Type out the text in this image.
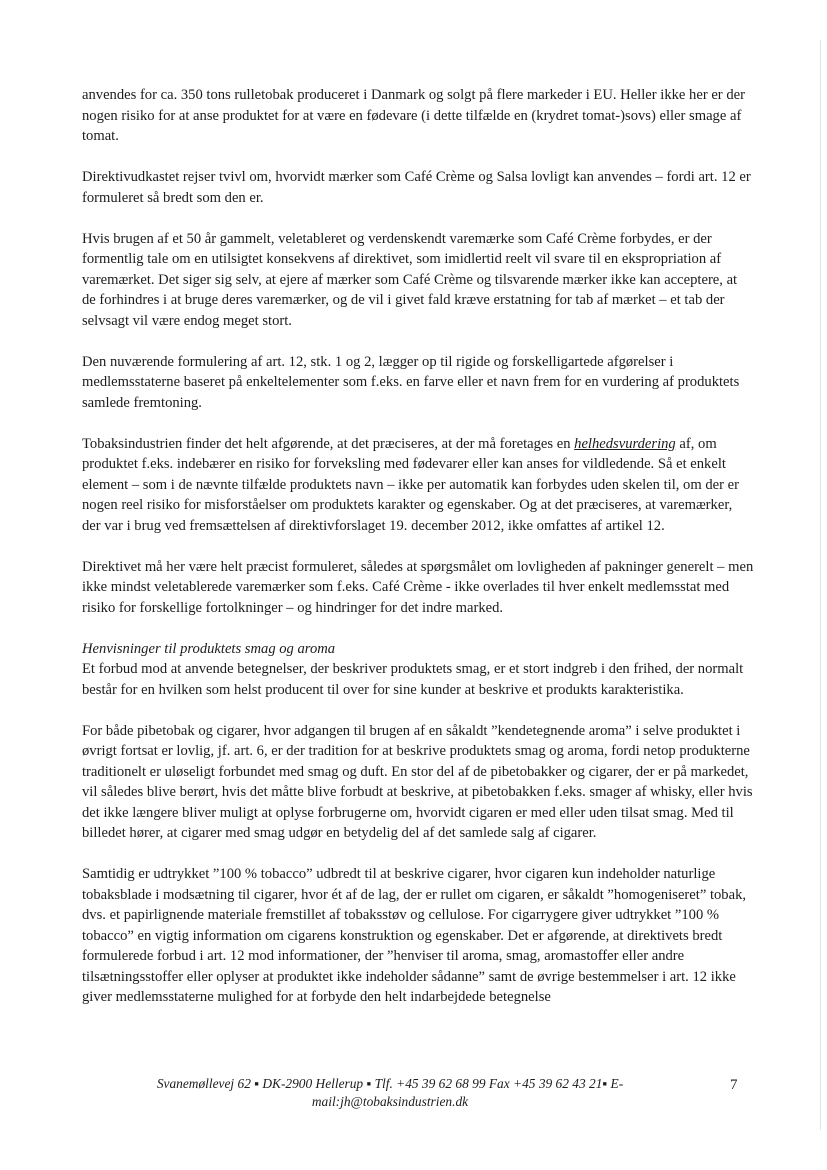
anvendes for ca. 350 tons rulletobak produceret i Danmark og solgt på flere markeder i EU. Heller ikke her er der nogen risiko for at anse produktet for at være en fødevare (i dette tilfælde en (krydret tomat-)sovs) eller smage af tomat.

Direktivudkastet rejser tvivl om, hvorvidt mærker som Café Crème og Salsa lovligt kan anvendes – fordi art. 12 er formuleret så bredt som den er.

Hvis brugen af et 50 år gammelt, veletableret og verdenskendt varemærke som Café Crème forbydes, er der formentlig tale om en utilsigtet konsekvens af direktivet, som imidlertid reelt vil svare til en ekspropriation af varemærket. Det siger sig selv, at ejere af mærker som Café Crème og tilsvarende mærker ikke kan acceptere, at de forhindres i at bruge deres varemærker, og de vil i givet fald kræve erstatning for tab af mærket – et tab der selvsagt vil være endog meget stort.

Den nuværende formulering af art. 12, stk. 1 og 2, lægger op til rigide og forskelligartede afgørelser i medlemsstaterne baseret på enkeltelementer som f.eks. en farve eller et navn frem for en vurdering af produktets samlede fremtoning.

Tobaksindustrien finder det helt afgørende, at det præciseres, at der må foretages en helhedsvurdering af, om produktet f.eks. indebærer en risiko for forveksling med fødevarer eller kan anses for vildledende. Så et enkelt element – som i de nævnte tilfælde produktets navn – ikke per automatik kan forbydes uden skelen til, om der er nogen reel risiko for misforståelser om produktets karakter og egenskaber. Og at det præciseres, at varemærker, der var i brug ved fremsættelsen af direktivforslaget 19. december 2012, ikke omfattes af artikel 12.

Direktivet må her være helt præcist formuleret, således at spørgsmålet om lovligheden af pakninger generelt – men ikke mindst veletablerede varemærker som f.eks. Café Crème - ikke overlades til hver enkelt medlemsstat med risiko for forskellige fortolkninger – og hindringer for det indre marked.

Henvisninger til produktets smag og aroma

Et forbud mod at anvende betegnelser, der beskriver produktets smag, er et stort indgreb i den frihed, der normalt består for en hvilken som helst producent til over for sine kunder at beskrive et produkts karakteristika.

For både pibetobak og cigarer, hvor adgangen til brugen af en såkaldt ”kendetegnende aroma” i selve produktet i øvrigt fortsat er lovlig, jf. art. 6, er der tradition for at beskrive produktets smag og aroma, fordi netop produkterne traditionelt er uløseligt forbundet med smag og duft. En stor del af de pibetobakker og cigarer, der er på markedet, vil således blive berørt, hvis det måtte blive forbudt at beskrive, at pibetobakken f.eks. smager af whisky, eller hvis det ikke længere bliver muligt at oplyse forbrugerne om, hvorvidt cigaren er med eller uden tilsat smag. Med til billedet hører, at cigarer med smag udgør en betydelig del af det samlede salg af cigarer.

Samtidig er udtrykket ”100 % tobacco” udbredt til at beskrive cigarer, hvor cigaren kun indeholder naturlige tobaksblade i modsætning til cigarer, hvor ét af de lag, der er rullet om cigaren, er såkaldt ”homogeniseret” tobak, dvs. et papirlignende materiale fremstillet af tobaksstøv og cellulose. For cigarrygere giver udtrykket ”100 % tobacco” en vigtig information om cigarens konstruktion og egenskaber. Det er afgørende, at direktivets bredt formulerede forbud i art. 12 mod informationer, der ”henviser til aroma, smag, aromastoffer eller andre tilsætningsstoffer eller oplyser at produktet ikke indeholder sådanne” samt de øvrige bestemmelser i art. 12 ikke giver medlemsstaterne mulighed for at forbyde den helt indarbejdede betegnelse

Svanemøllevej 62 ▪ DK-2900 Hellerup ▪ Tlf. +45 39 62 68 99 Fax +45 39 62 43 21▪ E-
mail:jh@tobaksindustrien.dk
7
